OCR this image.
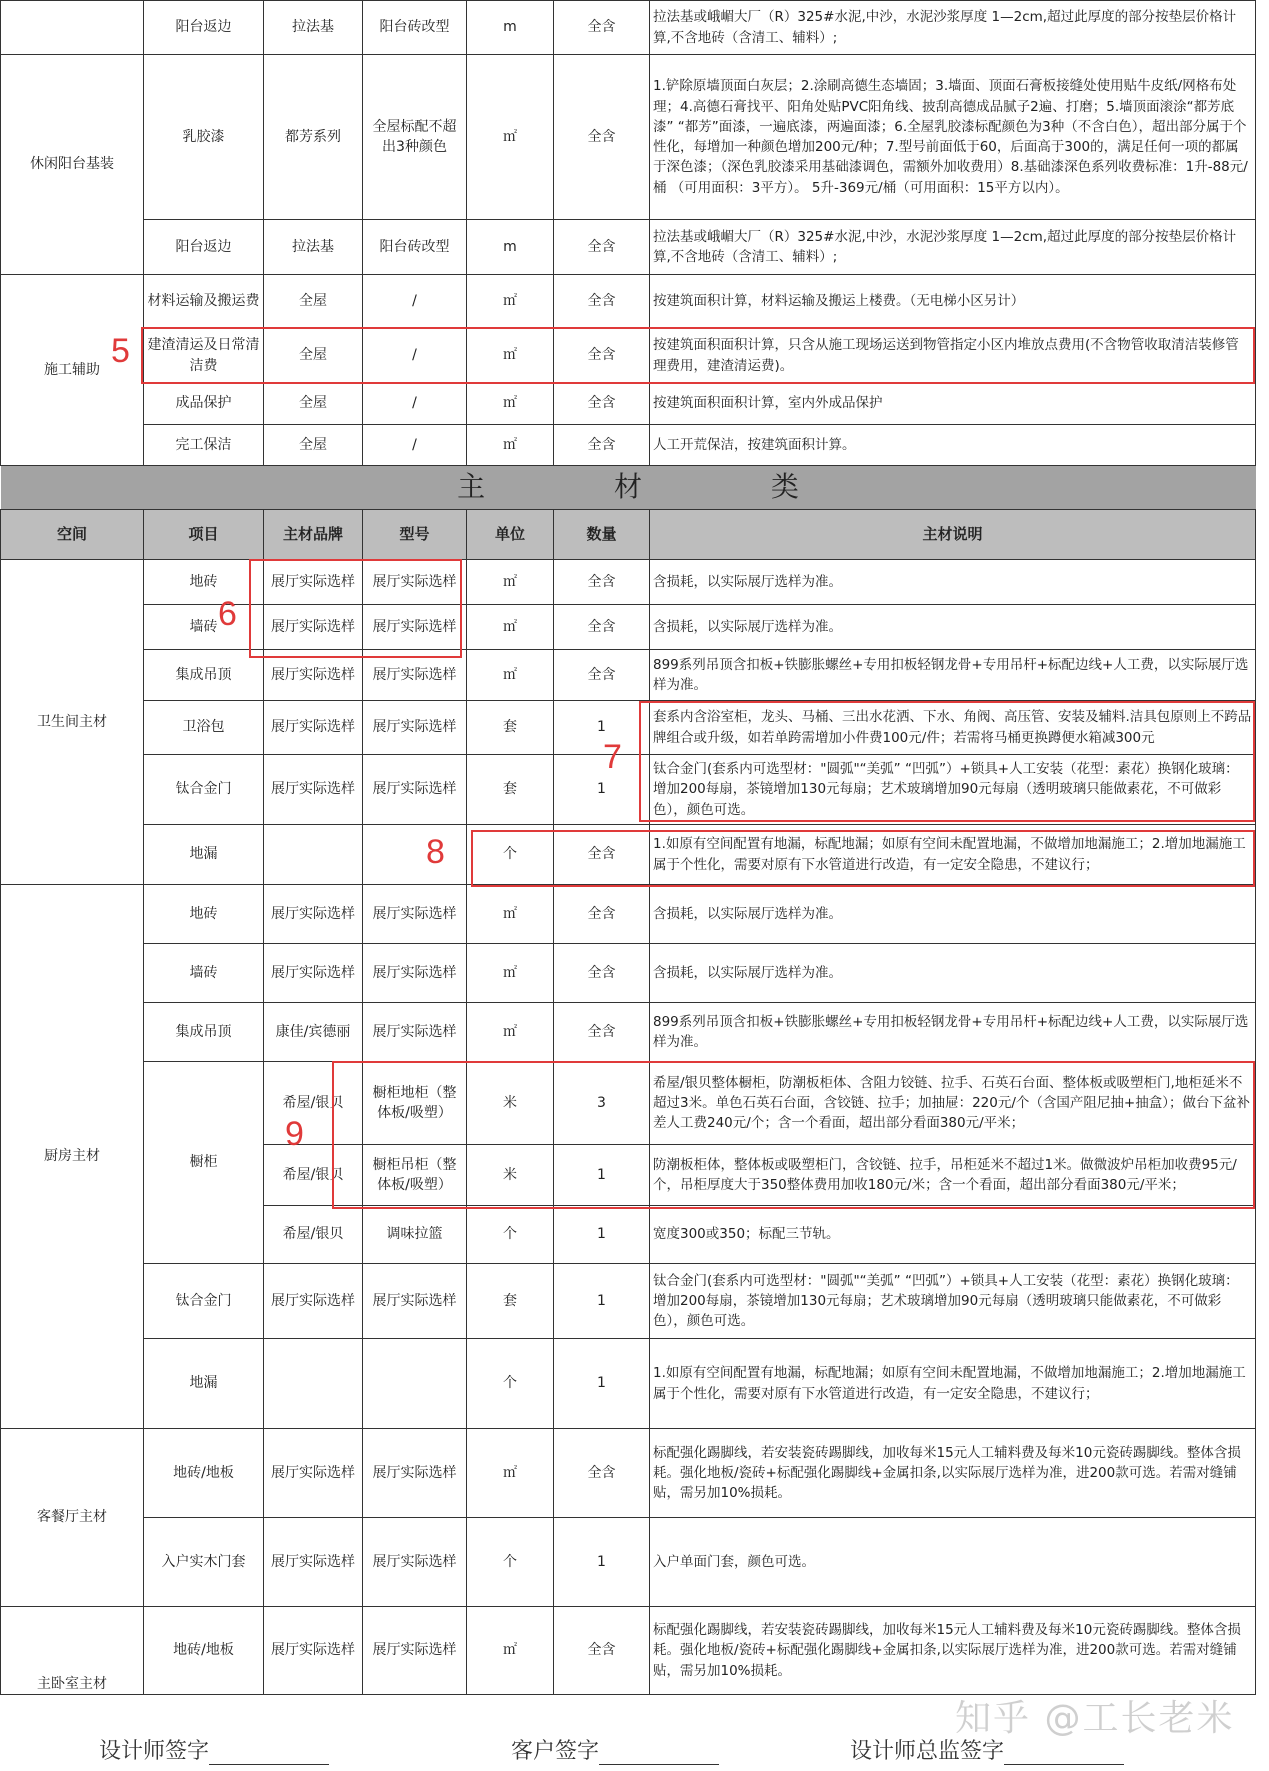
	阳台返边	拉法基	阳台砖改型	m	全含	拉法基或峨嵋大厂（R）325#水泥,中沙，水泥沙浆厚度 1—2cm,超过此厚度的部分按垫层价格计算,不含地砖（含清工、辅料）;
休闲阳台基装	乳胶漆	都芳系列	全屋标配不超出3种颜色	㎡	全含	1.铲除原墙顶面白灰层；2.涂刷高德生态墙固；3.墙面、顶面石膏板接缝处使用贴牛皮纸/网格布处理；4.高德石膏找平、阳角处贴PVC阳角线、披刮高德成品腻子2遍、打磨；5.墙顶面滚涂“都芳底漆” “都芳”面漆，一遍底漆，两遍面漆；6.全屋乳胶漆标配颜色为3种（不含白色），超出部分属于个性化，每增加一种颜色增加200元/种；7.型号前面低于60，后面高于300的，满足任何一项的都属于深色漆；（深色乳胶漆采用基础漆调色，需额外加收费用）8.基础漆深色系列收费标准：1升-88元/桶 （可用面积：3平方）。 5升-369元/桶（可用面积：15平方以内）。
	阳台返边	拉法基	阳台砖改型	m	全含	拉法基或峨嵋大厂（R）325#水泥,中沙，水泥沙浆厚度 1—2cm,超过此厚度的部分按垫层价格计算,不含地砖（含清工、辅料）;
施工辅助	材料运输及搬运费	全屋	/	㎡	全含	按建筑面积计算，材料运输及搬运上楼费。（无电梯小区另计）
	建渣清运及日常清洁费	全屋	/	㎡	全含	按建筑面积面积计算，只含从施工现场运送到物管指定小区内堆放点费用(不含物管收取清洁装修管理费用，建渣清运费)。
	成品保护	全屋	/	㎡	全含	按建筑面积面积计算，室内外成品保护
	完工保洁	全屋	/	㎡	全含	人工开荒保洁，按建筑面积计算。
主 材 类						
空间	项目	主材品牌	型号	单位	数量	主材说明
卫生间主材	地砖	展厅实际选样	展厅实际选样	㎡	全含	含损耗，以实际展厅选样为准。
	墙砖	展厅实际选样	展厅实际选样	㎡	全含	含损耗，以实际展厅选样为准。
	集成吊顶	展厅实际选样	展厅实际选样	㎡	全含	899系列吊顶含扣板+铁膨胀螺丝+专用扣板轻钢龙骨+专用吊杆+标配边线+人工费，以实际展厅选样为准。
	卫浴包	展厅实际选样	展厅实际选样	套	1	套系内含浴室柜，龙头、马桶、三出水花洒、下水、角阀、高压管、安装及辅料.洁具包原则上不跨品牌组合或升级，如若单跨需增加小件费100元/件；若需将马桶更换蹲便水箱减300元
	钛合金门	展厅实际选样	展厅实际选样	套	1	钛合金门(套系内可选型材："圆弧"“美弧” “凹弧”）+锁具+人工安装（花型：素花）换钢化玻璃：增加200每扇，茶镜增加130元每扇；艺术玻璃增加90元每扇（透明玻璃只能做素花，不可做彩色），颜色可选。
	地漏			个	全含	1.如原有空间配置有地漏，标配地漏；如原有空间未配置地漏，不做增加地漏施工；2.增加地漏施工属于个性化，需要对原有下水管道进行改造，有一定安全隐患，不建议行；
厨房主材	地砖	展厅实际选样	展厅实际选样	㎡	全含	含损耗，以实际展厅选样为准。
	墙砖	展厅实际选样	展厅实际选样	㎡	全含	含损耗，以实际展厅选样为准。
	集成吊顶	康佳/宾德丽	展厅实际选样	㎡	全含	899系列吊顶含扣板+铁膨胀螺丝+专用扣板轻钢龙骨+专用吊杆+标配边线+人工费，以实际展厅选样为准。
	橱柜	希屋/银贝	橱柜地柜（整体板/吸塑）	米	3	希屋/银贝整体橱柜，防潮板柜体、含阻力铰链、拉手、石英石台面、整体板或吸塑柜门,地柜延米不超过3米。单色石英石台面，含铰链、拉手；加抽屉：220元/个（含国产阻尼抽+抽盒）；做台下盆补差人工费240元/个；含一个看面，超出部分看面380元/平米；
		希屋/银贝	橱柜吊柜（整体板/吸塑）	米	1	防潮板柜体，整体板或吸塑柜门，含铰链、拉手，吊柜延米不超过1米。做微波炉吊柜加收费95元/个，吊柜厚度大于350整体费用加收180元/米；含一个看面，超出部分看面380元/平米；
		希屋/银贝	调味拉篮	个	1	宽度300或350；标配三节轨。
	钛合金门	展厅实际选样	展厅实际选样	套	1	钛合金门(套系内可选型材："圆弧"“美弧” “凹弧”）+锁具+人工安装（花型：素花）换钢化玻璃：增加200每扇，茶镜增加130元每扇；艺术玻璃增加90元每扇（透明玻璃只能做素花，不可做彩色），颜色可选。
	地漏			个	1	1.如原有空间配置有地漏，标配地漏；如原有空间未配置地漏，不做增加地漏施工；2.增加地漏施工属于个性化，需要对原有下水管道进行改造，有一定安全隐患，不建议行；
客餐厅主材	地砖/地板	展厅实际选样	展厅实际选样	㎡	全含	标配强化踢脚线，若安装瓷砖踢脚线，加收每米15元人工辅料费及每米10元瓷砖踢脚线。整体含损耗。强化地板/瓷砖+标配强化踢脚线+金属扣条,以实际展厅选样为准，进200款可选。若需对缝铺贴，需另加10%损耗。
	入户实木门套	展厅实际选样	展厅实际选样	个	1	入户单面门套，颜色可选。
主卧室主材	地砖/地板	展厅实际选样	展厅实际选样	㎡	全含	标配强化踢脚线，若安装瓷砖踢脚线，加收每米15元人工辅料费及每米10元瓷砖踢脚线。整体含损耗。强化地板/瓷砖+标配强化踢脚线+金属扣条,以实际展厅选样为准，进200款可选。若需对缝铺贴，需另加10%损耗。
5
6
7
8
9
知乎 @工长老米
设计师签字	客户签字	设计师总监签字
